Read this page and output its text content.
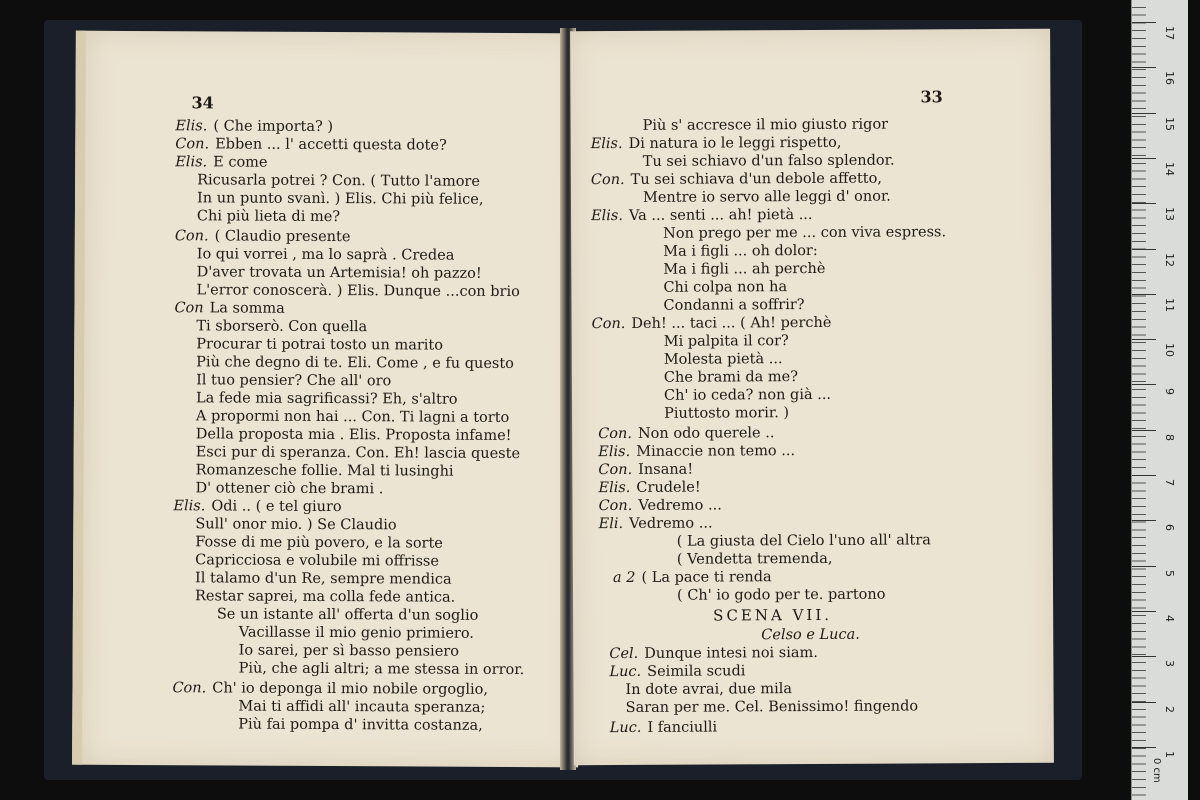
34
Elis. ( Che importa? )
Con. Ebben ... l' accetti questa dote?
Elis. E come
Ricusarla potrei ? Con. ( Tutto l'amore
In un punto svanì. ) Elis. Chi più felice,
Chi più lieta di me?
Con. ( Claudio presente
Io qui vorrei , ma lo saprà . Credea
D'aver trovata un Artemisia! oh pazzo!
L'error conoscerà. ) Elis. Dunque ...con brio
Con La somma
Ti sborserò. Con quella
Procurar ti potrai tosto un marito
Più che degno di te. Eli. Come , e fu questo
Il tuo pensier? Che all' oro
La fede mia sagrificassi? Eh, s'altro
A propormi non hai ... Con. Ti lagni a torto
Della proposta mia . Elis. Proposta infame!
Esci pur di speranza. Con. Eh! lascia queste
Romanzesche follie. Mal ti lusinghi
D' ottener ciò che brami .
Elis. Odi .. ( e tel giuro
Sull' onor mio. ) Se Claudio
Fosse di me più povero, e la sorte
Capricciosa e volubile mi offrisse
Il talamo d'un Re, sempre mendica
Restar saprei, ma colla fede antica.
Se un istante all' offerta d'un soglio
Vacillasse il mio genio primiero.
Io sarei, per sì basso pensiero
Più, che agli altri; a me stessa in orror.
Con. Ch' io deponga il mio nobile orgoglio,
Mai ti affidi all' incauta speranza;
Più fai pompa d' invitta costanza,
33
Più s' accresce il mio giusto rigor
Elis. Di natura io le leggi rispetto,
Tu sei schiavo d'un falso splendor.
Con. Tu sei schiava d'un debole affetto,
Mentre io servo alle leggi d' onor.
Elis. Va ... senti ... ah! pietà ...
Non prego per me ... con viva espress.
Ma i figli ... oh dolor:
Ma i figli ... ah perchè
Chi colpa non ha
Condanni a soffrir?
Con. Deh! ... taci ... ( Ah! perchè
Mi palpita il cor?
Molesta pietà ...
Che brami da me?
Ch' io ceda? non già ...
Piuttosto morir. )
Con. Non odo querele ..
Elis. Minaccie non temo ...
Con. Insana!
Elis. Crudele!
Con. Vedremo ...
Eli. Vedremo ...
( La giusta del Cielo l'uno all' altra
( Vendetta tremenda,
a 2 ( La pace ti renda
( Ch' io godo per te. partono
SCENA VII.
Celso e Luca.
Cel. Dunque intesi noi siam.
Luc. Seimila scudi
In dote avrai, due mila
Saran per me. Cel. Benissimo! fingendo
Luc. I fanciulli
0 cm
17
16
15
14
13
12
11
10
9
8
7
6
5
4
3
2
1
